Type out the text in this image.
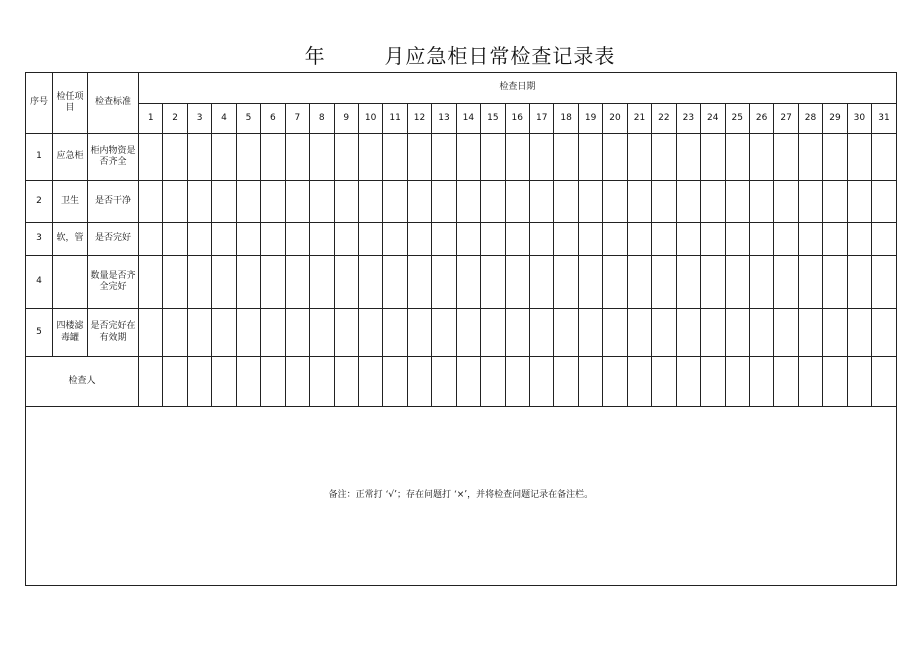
年        月应急柜日常检查记录表
序号	检任项目	检查标准	检查日期																														
			1	2	3	4	5	6	7	8	9	10	11	12	13	14	15	16	17	18	19	20	21	22	23	24	25	26	27	28	29	30	31
1	应急柜	柜内物资是否齐全																															
2	卫生	是否干净																															
3	软，管	是否完好																															
4		数量是否齐全完好																															
5	四楼滤毒罐	是否完好在有效期																															
检查人																																	
备注：正常打 ‘√’；存在问题打 ‘×’，并将检查问题记录在备注栏。																																	
